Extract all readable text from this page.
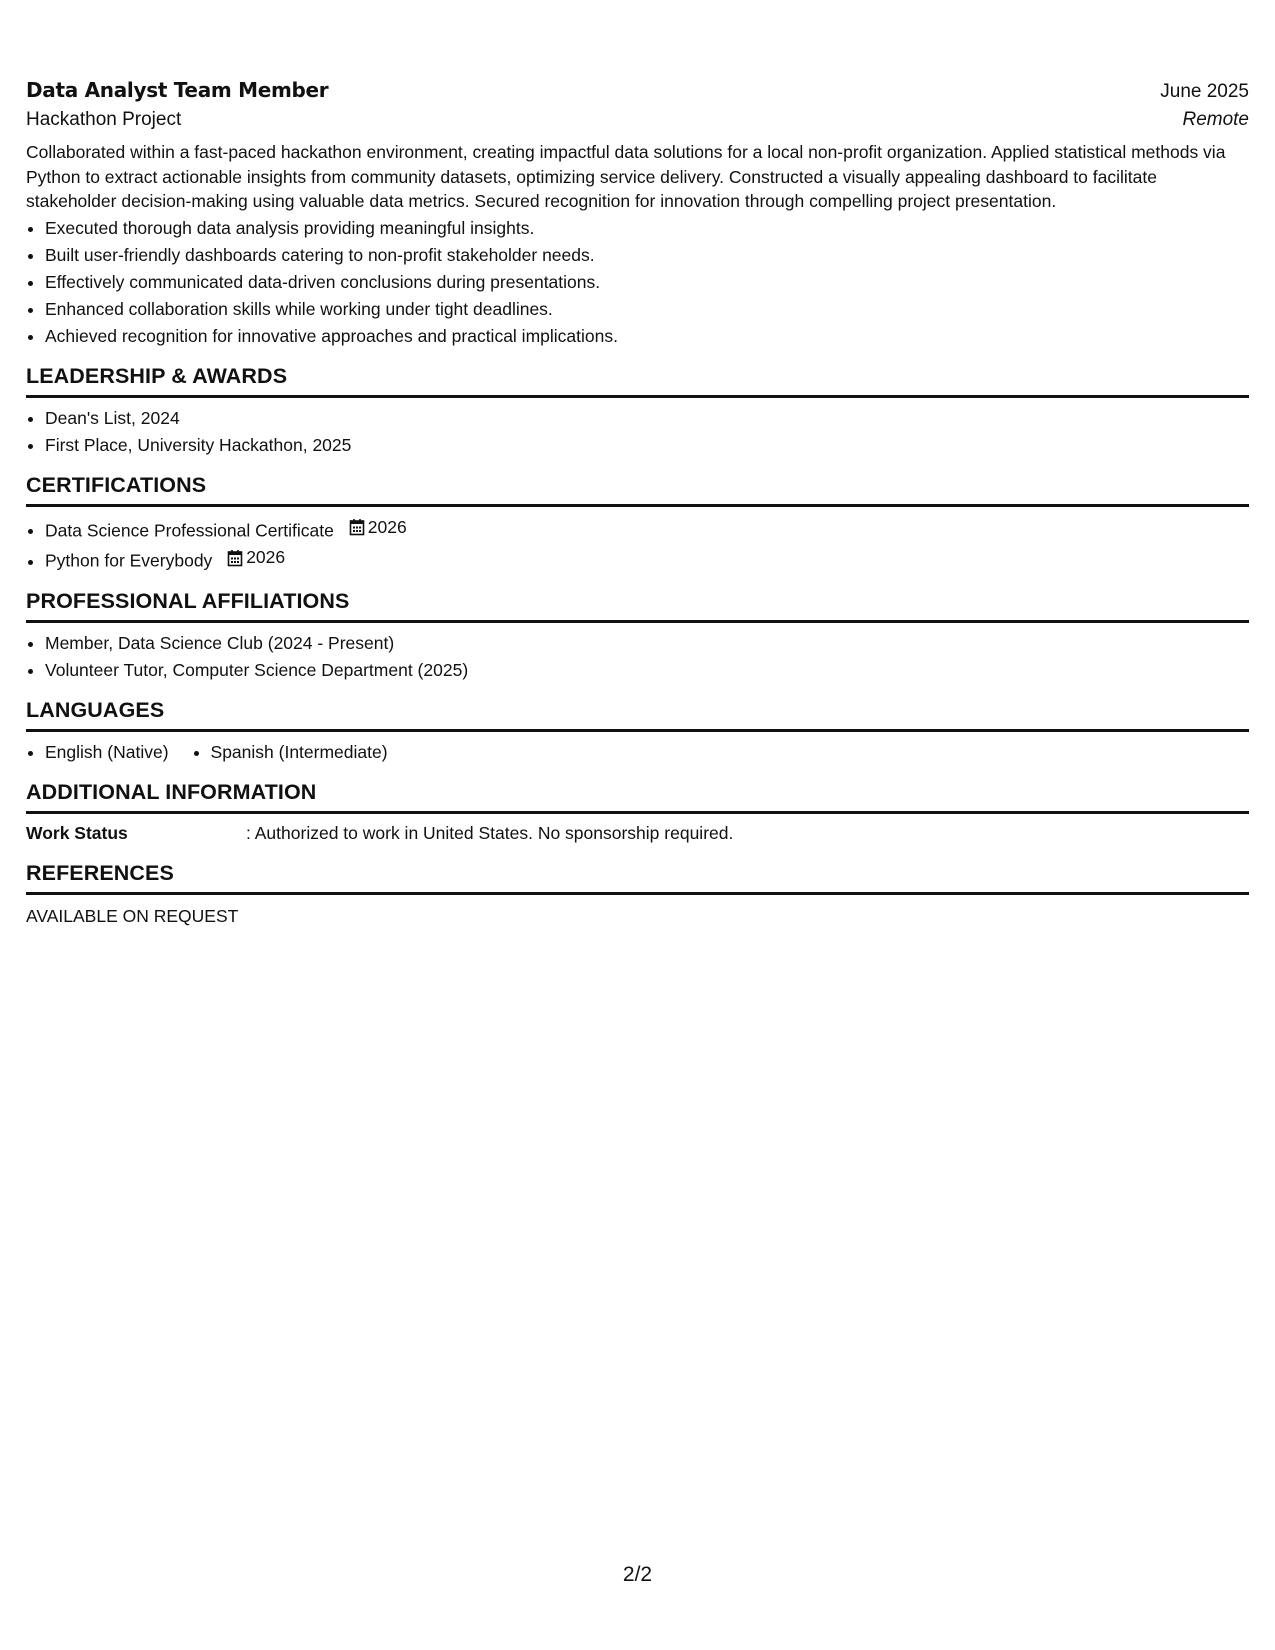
Data Analyst Team Member	June 2025
Hackathon Project	Remote
Collaborated within a fast-paced hackathon environment, creating impactful data solutions for a local non-profit organization. Applied statistical methods via Python to extract actionable insights from community datasets, optimizing service delivery. Constructed a visually appealing dashboard to facilitate stakeholder decision-making using valuable data metrics. Secured recognition for innovation through compelling project presentation.
• Executed thorough data analysis providing meaningful insights.
• Built user-friendly dashboards catering to non-profit stakeholder needs.
• Effectively communicated data-driven conclusions during presentations.
• Enhanced collaboration skills while working under tight deadlines.
• Achieved recognition for innovative approaches and practical implications.
LEADERSHIP & AWARDS
• Dean's List, 2024
• First Place, University Hackathon, 2025
CERTIFICATIONS
• Data Science Professional Certificate 2026
• Python for Everybody 2026
PROFESSIONAL AFFILIATIONS
• Member, Data Science Club (2024 - Present)
• Volunteer Tutor, Computer Science Department (2025)
LANGUAGES
• English (Native)
• Spanish (Intermediate)
ADDITIONAL INFORMATION
Work Status	: Authorized to work in United States. No sponsorship required.
REFERENCES
AVAILABLE ON REQUEST
2/2
